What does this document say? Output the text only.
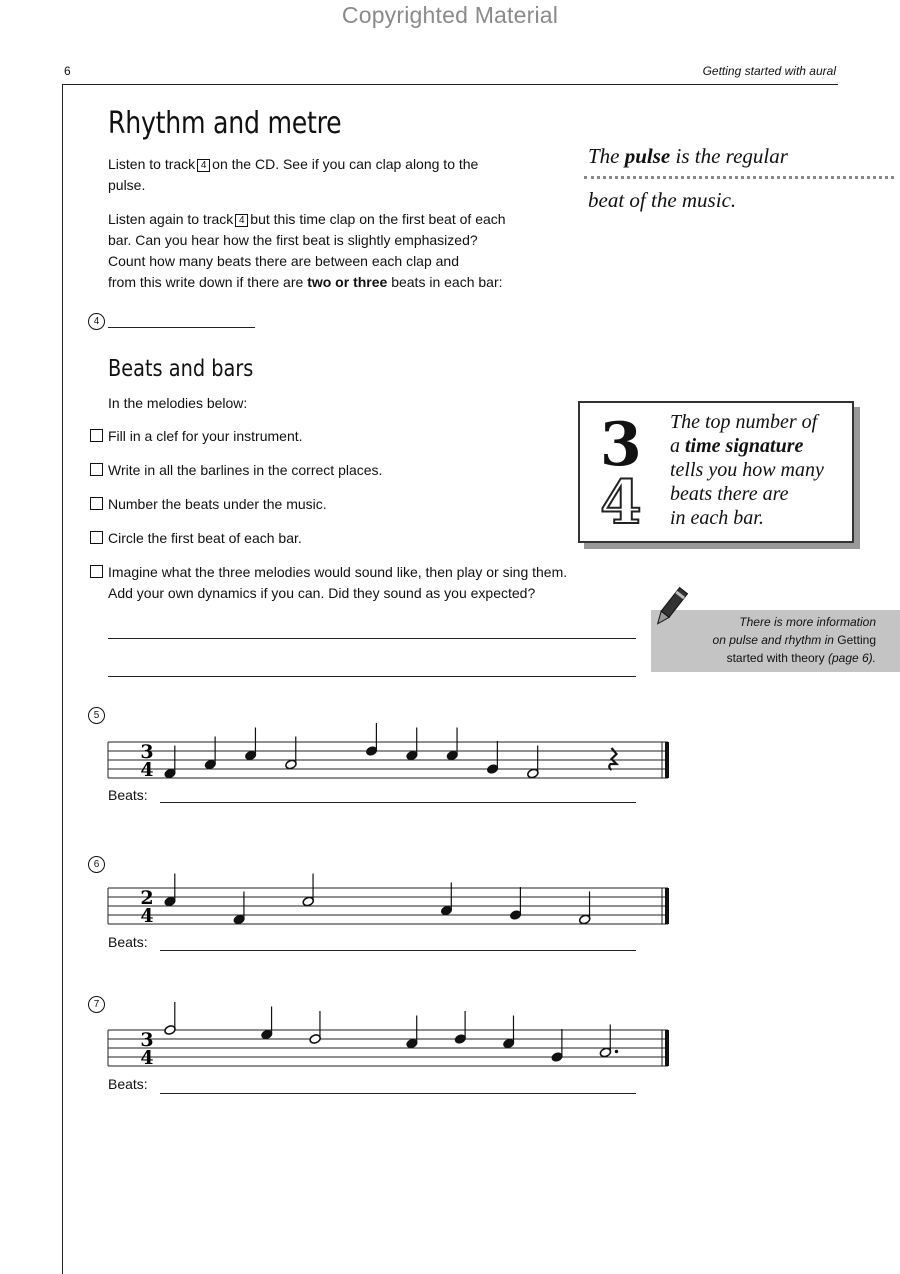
Copyrighted Material
6	Getting started with aural
Rhythm and metre
Listen to track 4 on the CD. See if you can clap along to the
pulse.
Listen again to track 4 but this time clap on the first beat of each
bar. Can you hear how the first beat is slightly emphasized?
Count how many beats there are between each clap and
from this write down if there are two or three beats in each bar:
4
The pulse is the regular
beat of the music.
Beats and bars
In the melodies below:
Fill in a clef for your instrument.
Write in all the barlines in the correct places.
Number the beats under the music.
Circle the first beat of each bar.
Imagine what the three melodies would sound like, then play or sing them.
Add your own dynamics if you can. Did they sound as you expected?
3
4
The top number of
a time signature
tells you how many
beats there are
in each bar.
There is more information
on pulse and rhythm in Getting
started with theory (page 6).
5
3
4
Beats:
6
2
4
Beats:
7
3
4
Beats:
